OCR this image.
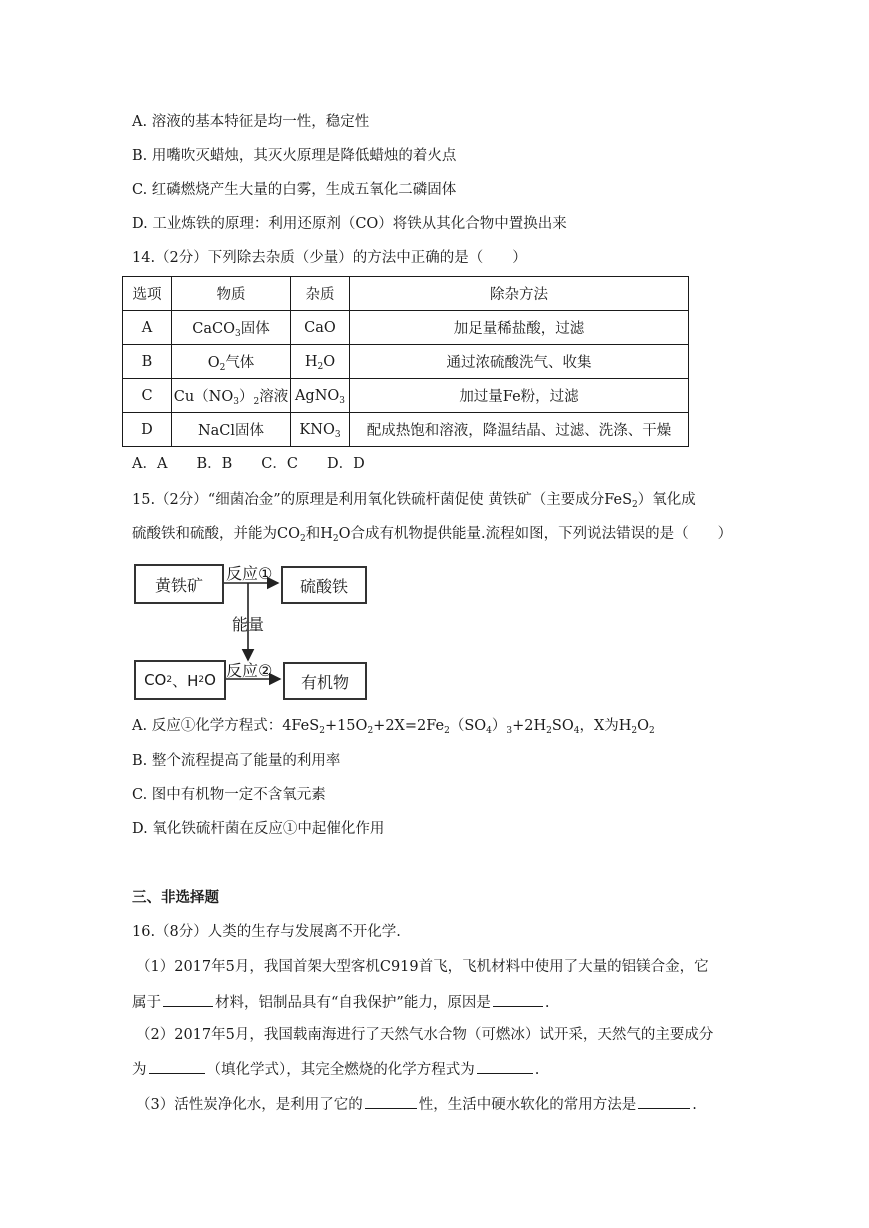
A. 溶液的基本特征是均一性，稳定性
B. 用嘴吹灭蜡烛，其灭火原理是降低蜡烛的着火点
C. 红磷燃烧产生大量的白雾，生成五氧化二磷固体
D. 工业炼铁的原理：利用还原剂（CO）将铁从其化合物中置换出来
14.（2分）下列除去杂质（少量）的方法中正确的是（　　）
选项	物质	杂质	除杂方法
A	CaCO$_3$固体	CaO	加足量稀盐酸，过滤
B	$O_2$气体	$H_2O$	通过浓硫酸洗气、收集
C	$Cu(NO_3)_2$溶液	AgNO$_3$	加过量Fe粉，过滤
D	NaCl固体	$KNO_3$	配成热饱和溶液，降温结晶、过滤、洗涤、干燥
A．A　　B．B　　C．C　　D．D
15.（2分）“细菌冶金”的原理是利用氧化铁硫杆菌促使 黄铁矿（主要成分FeS$_2$）氧化成
硫酸铁和硫酸，并能为$CO_2$和$H_2O$合成有机物提供能量.流程如图，下列说法错误的是（　　）
黄铁矿
反应①
硫酸铁
能量
CO 2 、H 2 O 反应②
有机物
A. 反应①化学方程式：$4FeS_2+15O_2+2X=2Fe_2(SO_4)_3+2H_2SO_4$，X为$H_2O_2$
B. 整个流程提高了能量的利用率
C. 图中有机物一定不含氧元素
D. 氧化铁硫杆菌在反应①中起催化作用
三、非选择题
16.（8分）人类的生存与发展离不开化学.
（1）2017年5月，我国首架大型客机C919首飞，飞机材料中使用了大量的铝镁合金，它
属于	材料，铝制品具有“自我保护”能力，原因是	.
（2）2017年5月，我国载南海进行了天然气水合物（可燃冰）试开采，天然气的主要成分
为	（填化学式），其完全燃烧的化学方程式为	.
（3）活性炭净化水，是利用了它的	性，生活中硬水软化的常用方法是	.
